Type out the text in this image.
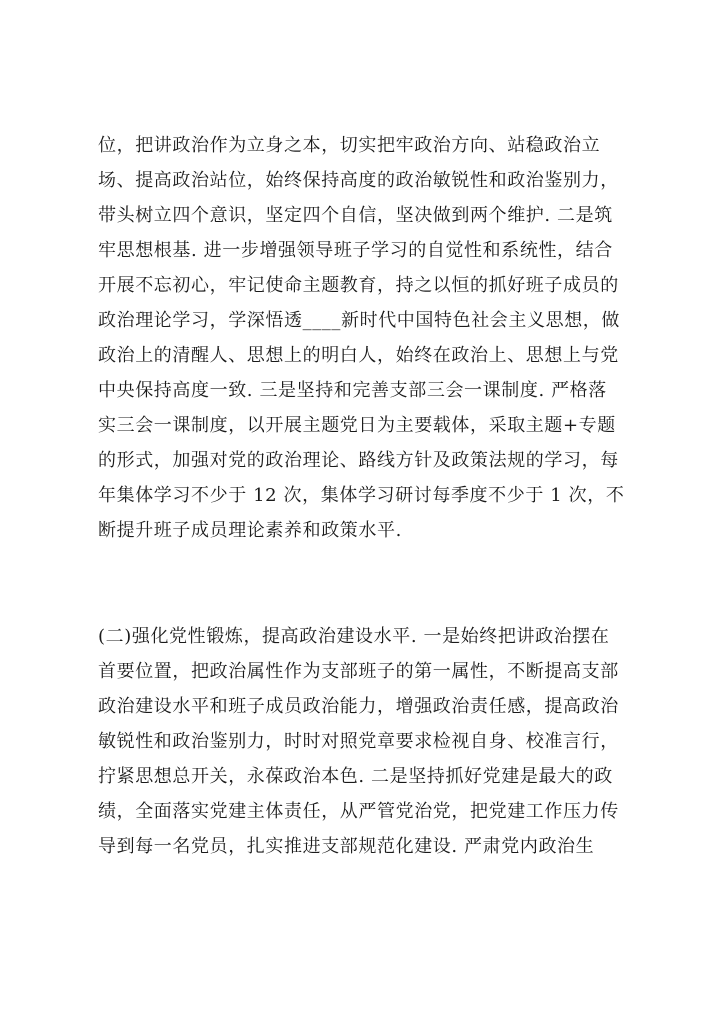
位，把讲政治作为立身之本，切实把牢政治方向、站稳政治立
场、提高政治站位，始终保持高度的政治敏锐性和政治鉴别力，
带头树立四个意识，坚定四个自信，坚决做到两个维护. 二是筑
牢思想根基. 进一步增强领导班子学习的自觉性和系统性，结合
开展不忘初心，牢记使命主题教育，持之以恒的抓好班子成员的
政治理论学习，学深悟透____新时代中国特色社会主义思想，做
政治上的清醒人、思想上的明白人，始终在政治上、思想上与党
中央保持高度一致. 三是坚持和完善支部三会一课制度. 严格落
实三会一课制度，以开展主题党日为主要载体，采取主题+专题
的形式，加强对党的政治理论、路线方针及政策法规的学习，每
年集体学习不少于 12 次，集体学习研讨每季度不少于 1 次，不
断提升班子成员理论素养和政策水平.
(二)强化党性锻炼，提高政治建设水平. 一是始终把讲政治摆在
首要位置，把政治属性作为支部班子的第一属性，不断提高支部
政治建设水平和班子成员政治能力，增强政治责任感，提高政治
敏锐性和政治鉴别力，时时对照党章要求检视自身、校准言行，
拧紧思想总开关，永葆政治本色. 二是坚持抓好党建是最大的政
绩，全面落实党建主体责任，从严管党治党，把党建工作压力传
导到每一名党员，扎实推进支部规范化建设. 严肃党内政治生
